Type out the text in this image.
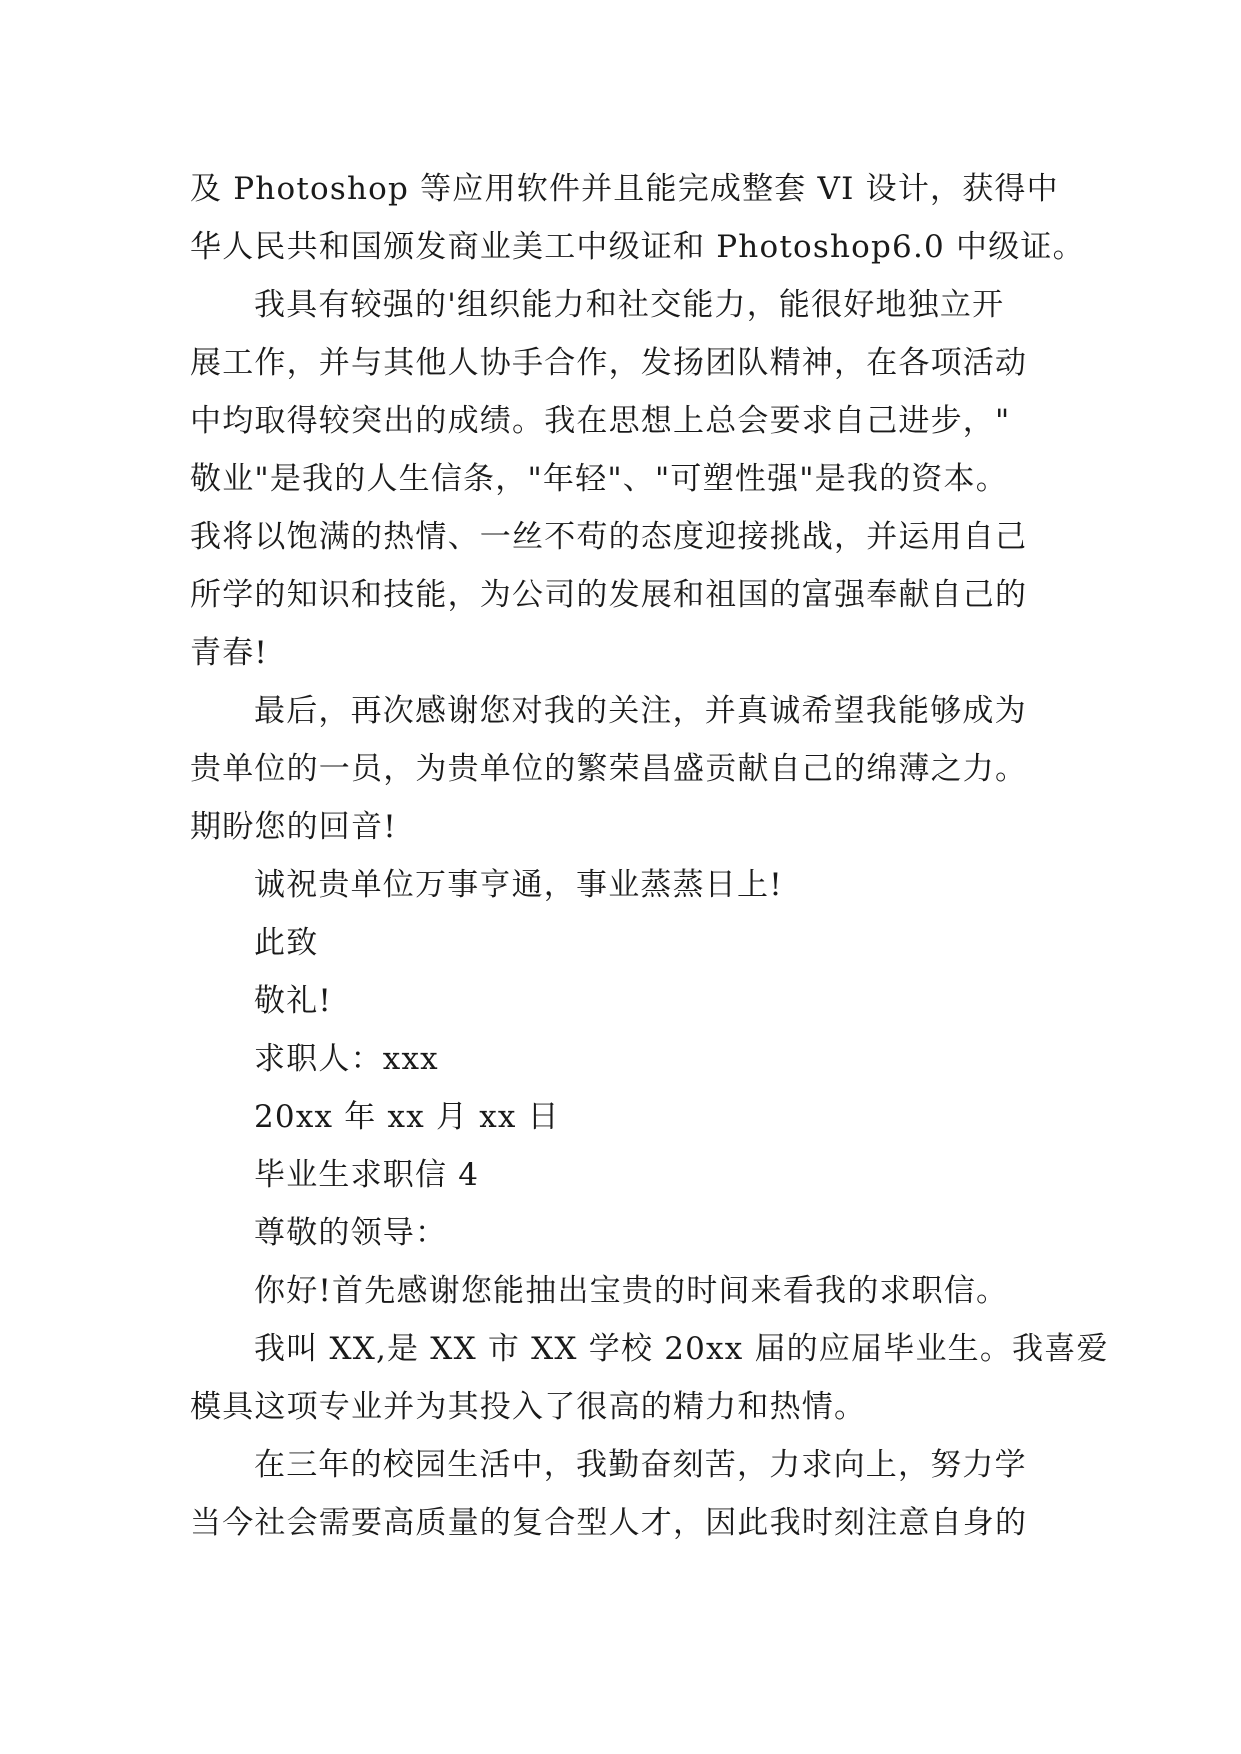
及 Photoshop 等应用软件并且能完成整套 VI 设计，获得中
华人民共和国颁发商业美工中级证和 Photoshop6.0 中级证。
我具有较强的'组织能力和社交能力，能很好地独立开
展工作，并与其他人协手合作，发扬团队精神，在各项活动
中均取得较突出的成绩。我在思想上总会要求自己进步，"
敬业"是我的人生信条，"年轻"、"可塑性强"是我的资本。
我将以饱满的热情、一丝不苟的态度迎接挑战，并运用自己
所学的知识和技能，为公司的发展和祖国的富强奉献自己的
青春!
最后，再次感谢您对我的关注，并真诚希望我能够成为
贵单位的一员，为贵单位的繁荣昌盛贡献自己的绵薄之力。
期盼您的回音!
诚祝贵单位万事亨通，事业蒸蒸日上!
此致
敬礼!
求职人：xxx
20xx 年 xx 月 xx 日
毕业生求职信 4
尊敬的领导：
你好!首先感谢您能抽出宝贵的时间来看我的求职信。
我叫 XX,是 XX 市 XX 学校 20xx 届的应届毕业生。我喜爱
模具这项专业并为其投入了很高的精力和热情。
在三年的校园生活中，我勤奋刻苦，力求向上，努力学
当今社会需要高质量的复合型人才，因此我时刻注意自身的
